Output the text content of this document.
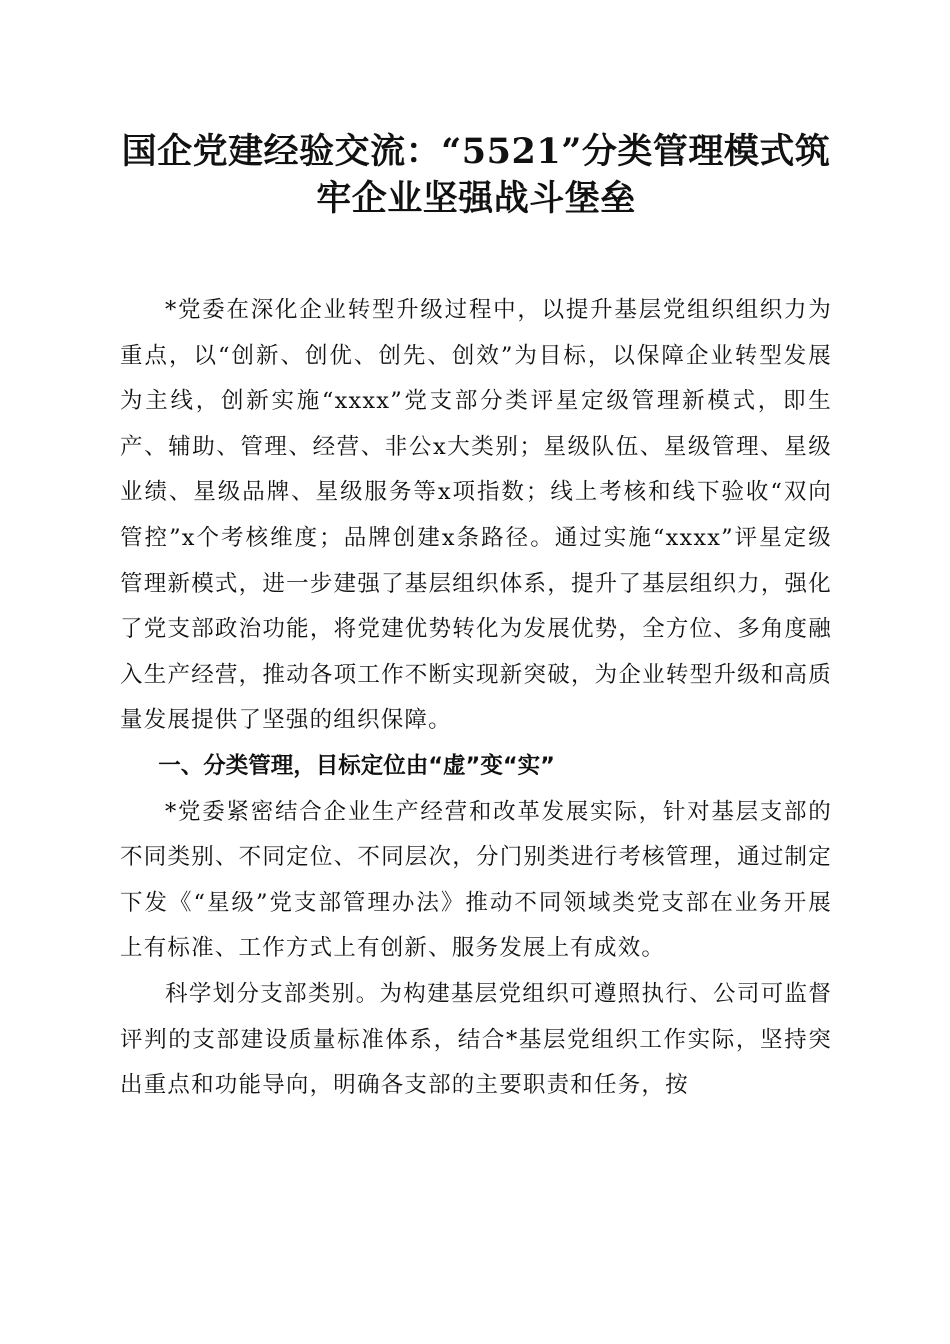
国企党建经验交流：“5521”分类管理模式筑
牢企业坚强战斗堡垒

*党委在深化企业转型升级过程中，以提升基层党组织组织力为重点，以“创新、创优、创先、创效”为目标，以保障企业转型发展为主线，创新实施“xxxx”党支部分类评星定级管理新模式，即生产、辅助、管理、经营、非公x大类别；星级队伍、星级管理、星级业绩、星级品牌、星级服务等x项指数；线上考核和线下验收“双向管控”x个考核维度；品牌创建x条路径。通过实施“xxxx”评星定级管理新模式，进一步建强了基层组织体系，提升了基层组织力，强化了党支部政治功能，将党建优势转化为发展优势，全方位、多角度融入生产经营，推动各项工作不断实现新突破，为企业转型升级和高质量发展提供了坚强的组织保障。

一、分类管理，目标定位由“虚”变“实”

*党委紧密结合企业生产经营和改革发展实际，针对基层支部的不同类别、不同定位、不同层次，分门别类进行考核管理，通过制定下发《“星级”党支部管理办法》推动不同领域类党支部在业务开展上有标准、工作方式上有创新、服务发展上有成效。

科学划分支部类别。为构建基层党组织可遵照执行、公司可监督评判的支部建设质量标准体系，结合*基层党组织工作实际，坚持突出重点和功能导向，明确各支部的主要职责和任务，按
